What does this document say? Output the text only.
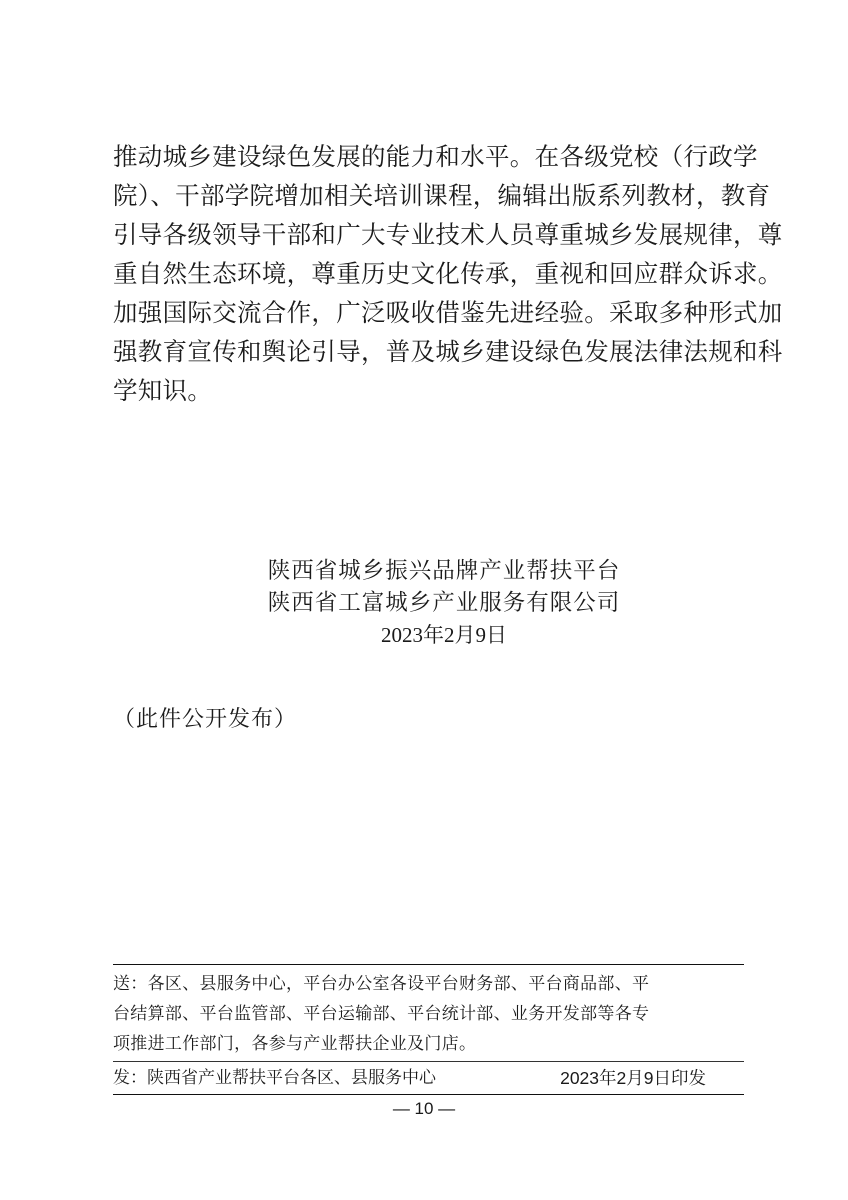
推动城乡建设绿色发展的能力和水平。在各级党校（行政学
院）、干部学院增加相关培训课程，编辑出版系列教材，教育
引导各级领导干部和广大专业技术人员尊重城乡发展规律，尊
重自然生态环境，尊重历史文化传承，重视和回应群众诉求。
加强国际交流合作，广泛吸收借鉴先进经验。采取多种形式加
强教育宣传和舆论引导，普及城乡建设绿色发展法律法规和科
学知识。
陕西省城乡振兴品牌产业帮扶平台
陕西省工富城乡产业服务有限公司
2023年2月9日
（此件公开发布）
送：各区、县服务中心，平台办公室各设平台财务部、平台商品部、平
台结算部、平台监管部、平台运输部、平台统计部、业务开发部等各专
项推进工作部门，各参与产业帮扶企业及门店。
发：陕西省产业帮扶平台各区、县服务中心	2023年2月9日印发
— 10 —
